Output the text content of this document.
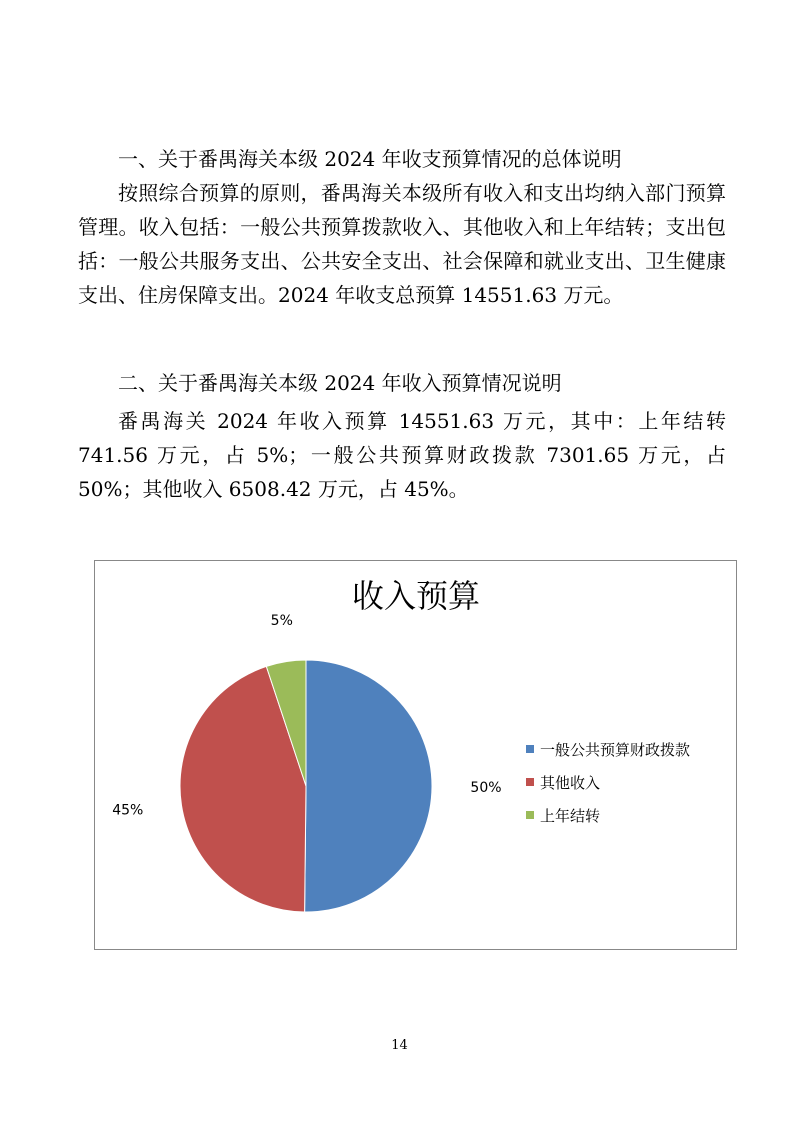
一、关于番禺海关本级 2024 年收支预算情况的总体说明

按照综合预算的原则，番禺海关本级所有收入和支出均纳入部门预算管理。收入包括：一般公共预算拨款收入、其他收入和上年结转；支出包括：一般公共服务支出、公共安全支出、社会保障和就业支出、卫生健康支出、住房保障支出。2024 年收支总预算 14551.63 万元。

二、关于番禺海关本级 2024 年收入预算情况说明

番禺海关 2024 年收入预算 14551.63 万元，其中：上年结转 741.56 万元，占 5%；一般公共预算财政拨款 7301.65 万元，占 50%；其他收入 6508.42 万元，占 45%。

收入预算
50%
45%
5%
一般公共预算财政拨款
其他收入
上年结转
14
